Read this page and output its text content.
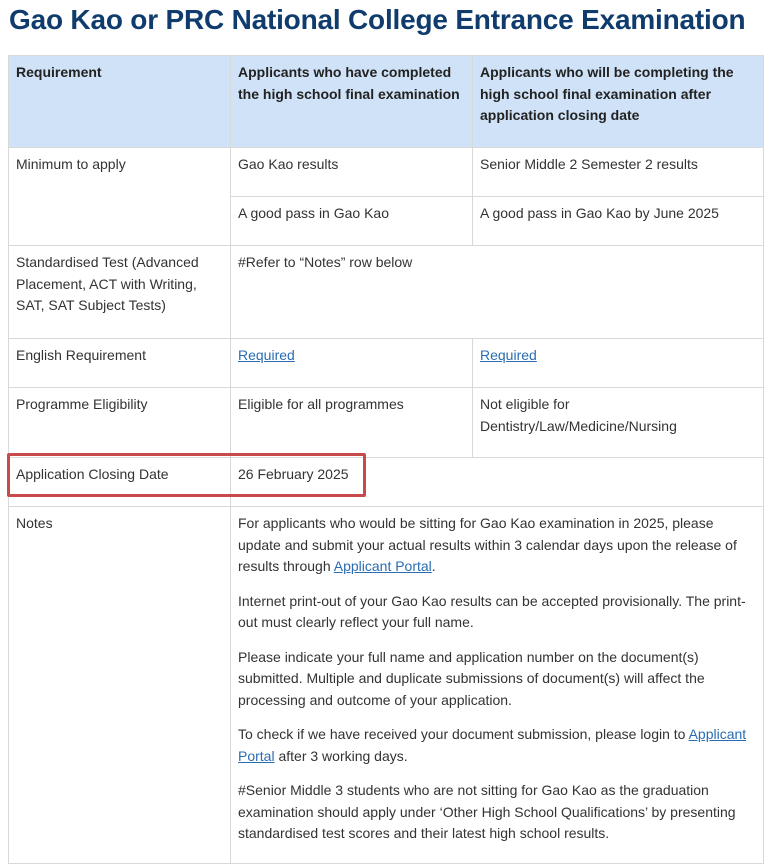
Gao Kao or PRC National College Entrance Examination
Requirement	Applicants who have completed the high school final examination	Applicants who will be completing the high school final examination after application closing date
Minimum to apply	Gao Kao results	Senior Middle 2 Semester 2 results
	A good pass in Gao Kao	A good pass in Gao Kao by June 2025
Standardised Test (Advanced Placement, ACT with Writing, SAT, SAT Subject Tests)	#Refer to “Notes” row below	
English Requirement	Required	Required
Programme Eligibility	Eligible for all programmes	Not eligible for Dentistry/Law/Medicine/Nursing
Application Closing Date	26 February 2025	
Notes	For applicants who would be sitting for Gao Kao examination in 2025, please update and submit your actual results within 3 calendar days upon the release of results through Applicant Portal.

Internet print-out of your Gao Kao results can be accepted provisionally. The print-out must clearly reflect your full name.

Please indicate your full name and application number on the document(s) submitted. Multiple and duplicate submissions of document(s) will affect the processing and outcome of your application.

To check if we have received your document submission, please login to Applicant Portal after 3 working days.

#Senior Middle 3 students who are not sitting for Gao Kao as the graduation examination should apply under ‘Other High School Qualifications’ by presenting standardised test scores and their latest high school results.	
